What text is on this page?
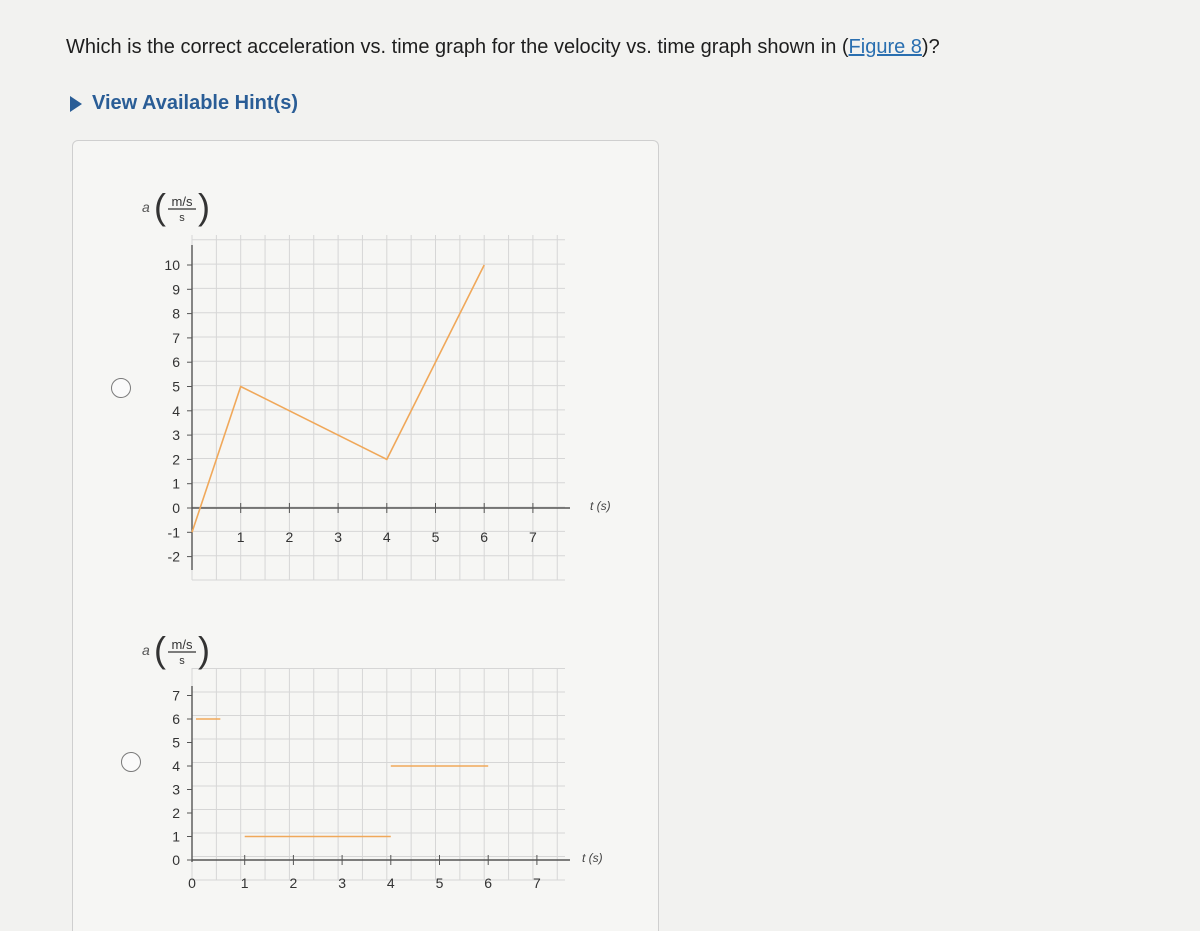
Which is the correct acceleration vs. time graph for the velocity vs. time graph shown in (Figure 8)?
View Available Hint(s)
a ( m/s
s )
10
9
8
7
6
5
4
3
2
1
0
-1
-2
1	2	3	4	5	6	7
t (s)
a ( m/s
s )
7
6
5
4
3
2
1
0
0	1	2	3	4	5	6	7
t (s)
